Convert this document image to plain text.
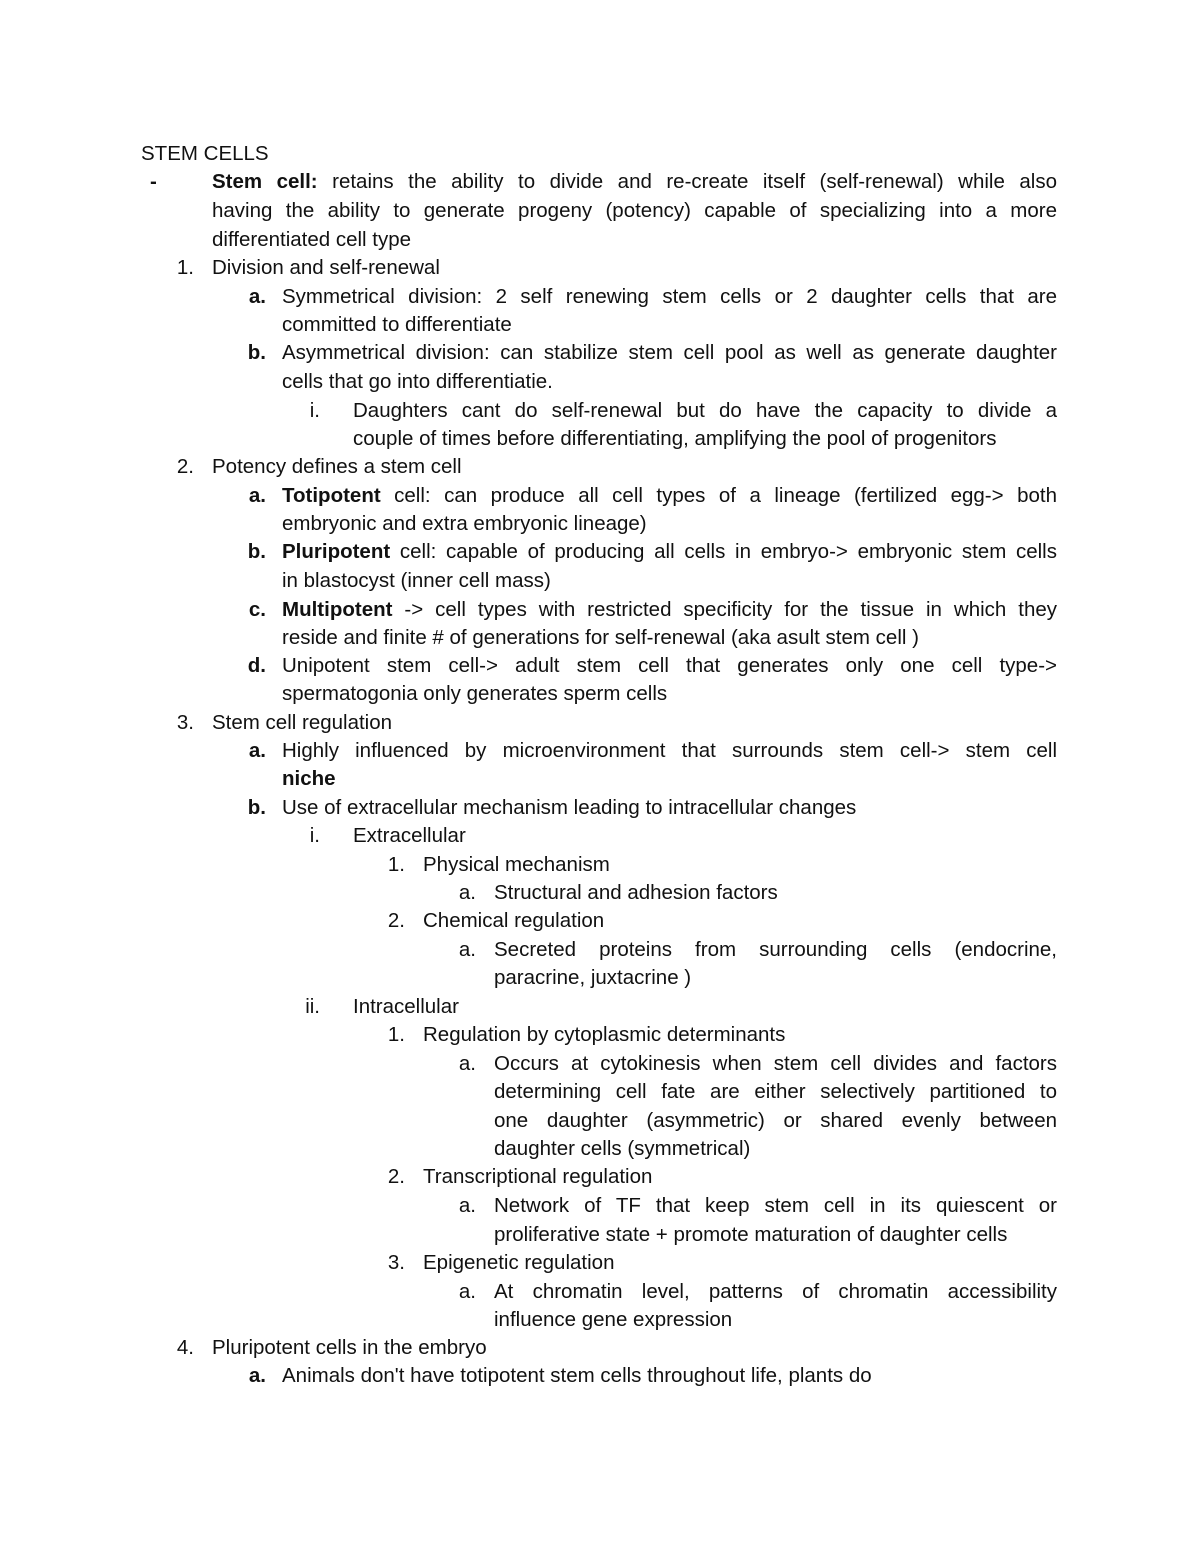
STEM CELLS
-	Stem cell: retains the ability to divide and re-create itself (self-renewal) while also
having the ability to generate progeny (potency) capable of specializing into a more
differentiated cell type
1. Division and self-renewal
a. Symmetrical division: 2 self renewing stem cells or 2 daughter cells that are
committed to differentiate
b. Asymmetrical division: can stabilize stem cell pool as well as generate daughter
cells that go into differentiatie.
i. Daughters cant do self-renewal but do have the capacity to divide a
couple of times before differentiating, amplifying the pool of progenitors
2. Potency defines a stem cell
a. Totipotent cell: can produce all cell types of a lineage (fertilized egg-> both
embryonic and extra embryonic lineage)
b. Pluripotent cell: capable of producing all cells in embryo-> embryonic stem cells
in blastocyst (inner cell mass)
c. Multipotent -> cell types with restricted specificity for the tissue in which they
reside and finite # of generations for self-renewal (aka asult stem cell )
d. Unipotent stem cell-> adult stem cell that generates only one cell type->
spermatogonia only generates sperm cells
3. Stem cell regulation
a. Highly influenced by microenvironment that surrounds stem cell-> stem cell
niche
b. Use of extracellular mechanism leading to intracellular changes
i. Extracellular
1. Physical mechanism
a. Structural and adhesion factors
2. Chemical regulation
a. Secreted proteins from surrounding cells (endocrine,
paracrine, juxtacrine )
ii. Intracellular
1. Regulation by cytoplasmic determinants
a. Occurs at cytokinesis when stem cell divides and factors
determining cell fate are either selectively partitioned to
one daughter (asymmetric) or shared evenly between
daughter cells (symmetrical)
2. Transcriptional regulation
a. Network of TF that keep stem cell in its quiescent or
proliferative state + promote maturation of daughter cells
3. Epigenetic regulation
a. At chromatin level, patterns of chromatin accessibility
influence gene expression
4. Pluripotent cells in the embryo
a. Animals don't have totipotent stem cells throughout life, plants do
